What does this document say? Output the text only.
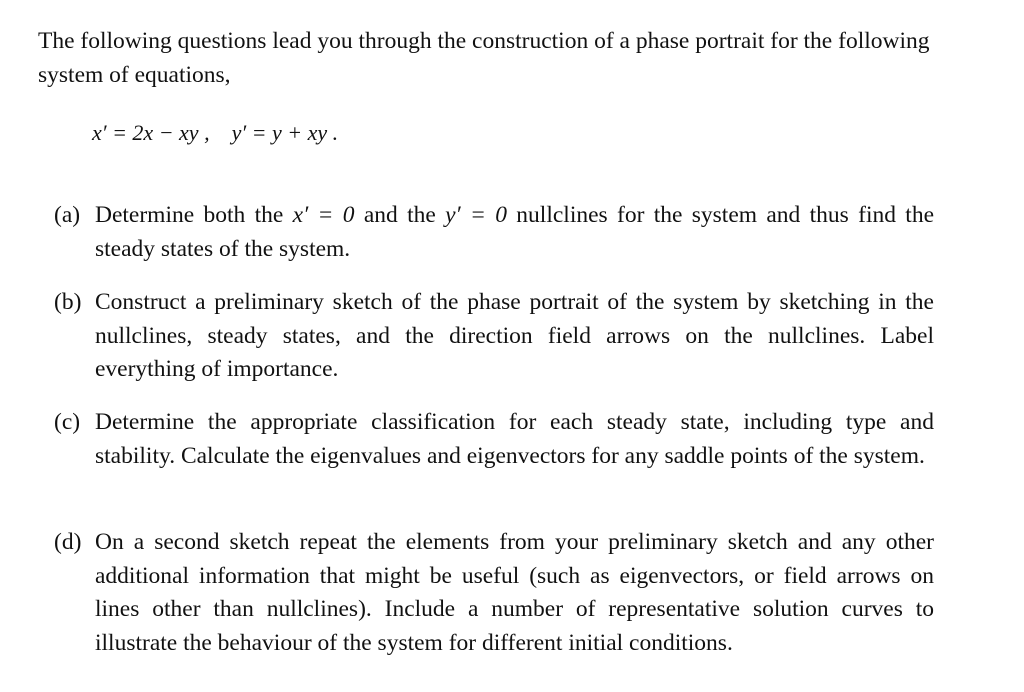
The following questions lead you through the construction of a phase portrait for the following system of equations,

x′ = 2x − xy , y′ = y + xy .
(a) Determine both the x′ = 0 and the y′ = 0 nullclines for the system and thus find the steady states of the system.
(b) Construct a preliminary sketch of the phase portrait of the system by sketching in the nullclines, steady states, and the direction field arrows on the nullclines. Label everything of importance.
(c) Determine the appropriate classification for each steady state, including type and stability. Calculate the eigenvalues and eigenvectors for any saddle points of the system.
(d) On a second sketch repeat the elements from your preliminary sketch and any other additional information that might be useful (such as eigenvectors, or field arrows on lines other than nullclines). Include a number of representative solution curves to illustrate the behaviour of the system for different initial conditions.
